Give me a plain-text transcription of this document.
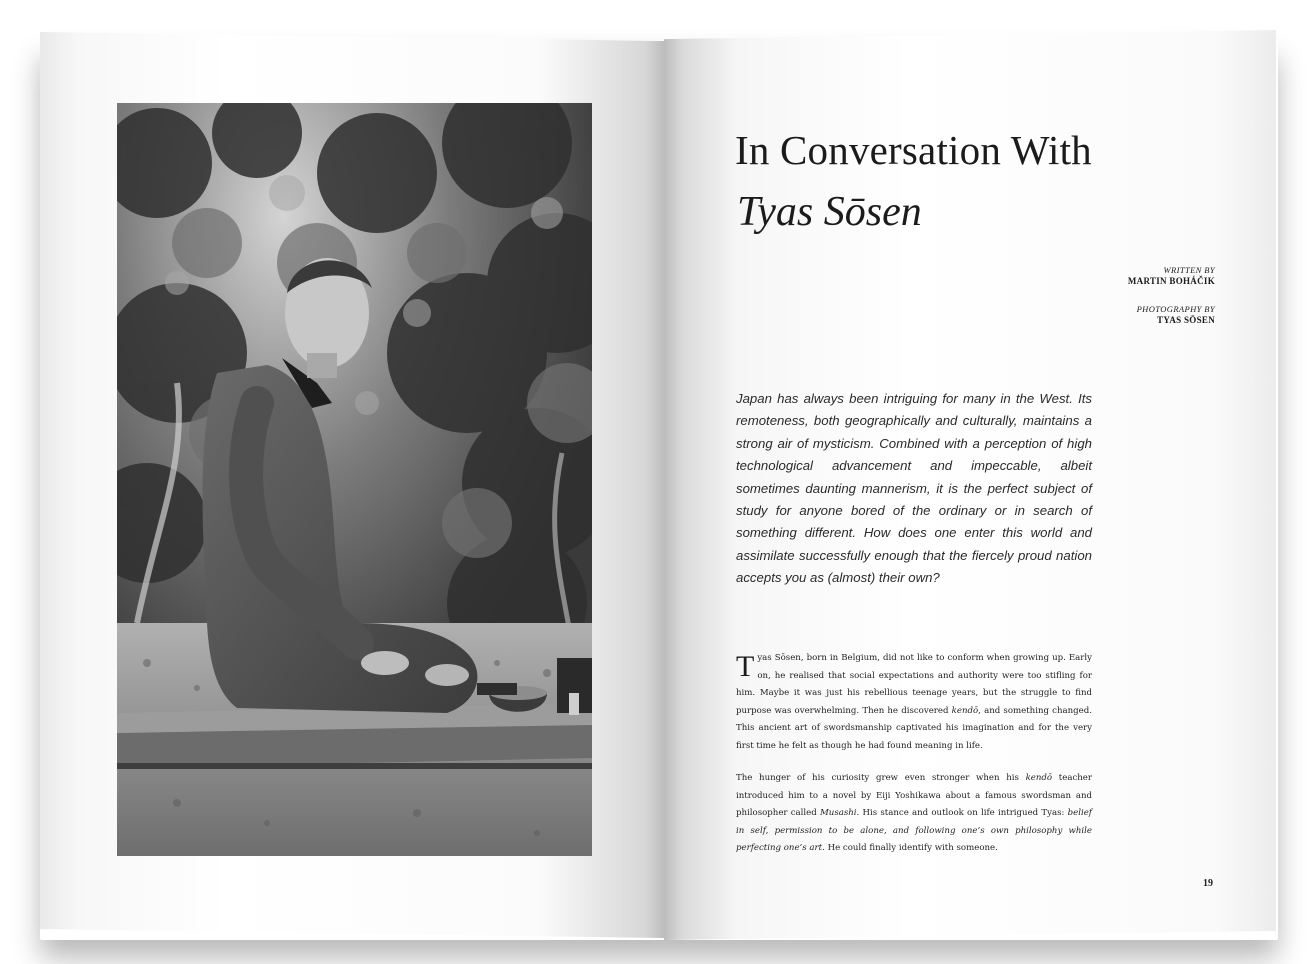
In Conversation With
Tyas Sōsen
WRITTEN BY
MARTIN BOHÁČIK
PHOTOGRAPHY BY
TYAS SŌSEN
Japan has always been intriguing for many in the West. Its remoteness, both geographically and culturally, maintains a strong air of mysticism. Combined with a perception of high technological advancement and impeccable, albeit sometimes daunting mannerism, it is the perfect subject of study for anyone bored of the ordinary or in search of something different. How does one enter this world and assimilate successfully enough that the fiercely proud nation accepts you as (almost) their own?
Tyas Sōsen, born in Belgium, did not like to conform when growing up. Early on, he realised that social expectations and authority were too stifling for him. Maybe it was just his rebellious teenage years, but the struggle to find purpose was overwhelming. Then he discovered kendō, and something changed. This ancient art of swordsmanship captivated his imagination and for the very first time he felt as though he had found meaning in life.
The hunger of his curiosity grew even stronger when his kendō teacher introduced him to a novel by Eiji Yoshikawa about a famous swordsman and philosopher called Musashi. His stance and outlook on life intrigued Tyas: belief in self, permission to be alone, and following one’s own philosophy while perfecting one’s art. He could finally identify with someone.
19
